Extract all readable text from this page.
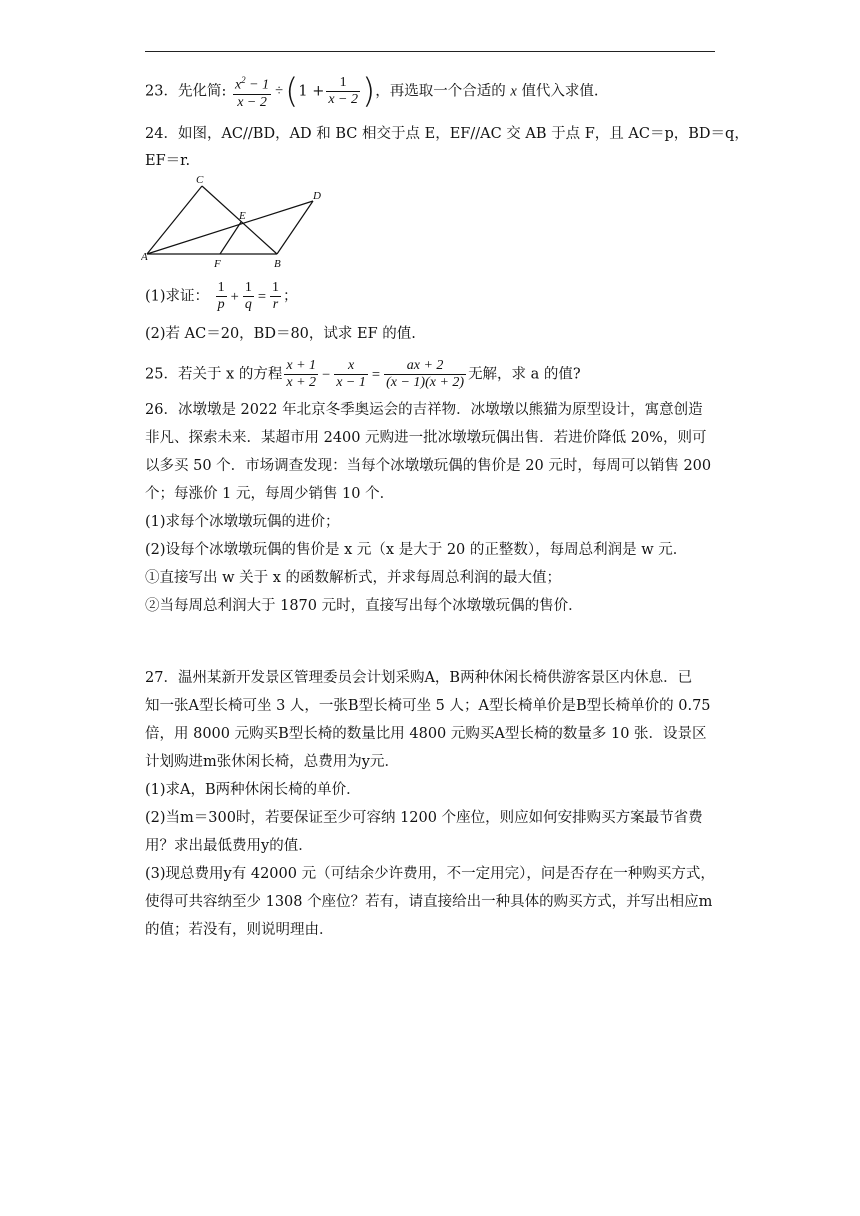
23．先化简: $\frac{x^2 - 1}{x - 2} \div(1 + \frac{1}{x - 2}$ )，再选取一个合适的 x 值代入求值.
24．如图，AC//BD，AD 和 BC 相交于点 E，EF//AC 交 AB 于点 F，且 AC＝p，BD＝q，
EF＝r.
A
C
E
D
F	B
(1)求证： $\frac{1}{p} + \frac{1}{q} = \frac{1}{r}$ ；
(2)若 AC＝20，BD＝80，试求 EF 的值.
25．若关于 x 的方程 $\frac{x + 1}{x + 2} - \frac{x}{x - 1} = \frac{ax + 2}{(x - 1)(x + 2)}$ 无解，求 a 的值?
26．冰墩墩是 2022 年北京冬季奥运会的吉祥物．冰墩墩以熊猫为原型设计，寓意创造
非凡、探索未来．某超市用 2400 元购进一批冰墩墩玩偶出售．若进价降低 20%，则可
以多买 50 个．市场调查发现：当每个冰墩墩玩偶的售价是 20 元时，每周可以销售 200
个；每涨价 1 元，每周少销售 10 个．
(1)求每个冰墩墩玩偶的进价；
(2)设每个冰墩墩玩偶的售价是 x 元（x 是大于 20 的正整数），每周总利润是 w 元．
①直接写出 w 关于 x 的函数解析式，并求每周总利润的最大值；
②当每周总利润大于 1870 元时，直接写出每个冰墩墩玩偶的售价．
27．温州某新开发景区管理委员会计划采购A，B两种休闲长椅供游客景区内休息．已
知一张A型长椅可坐 3 人，一张B型长椅可坐 5 人；A型长椅单价是B型长椅单价的 0.75
倍，用 8000 元购买B型长椅的数量比用 4800 元购买A型长椅的数量多 10 张．设景区
计划购进m张休闲长椅，总费用为y元．
(1)求A，B两种休闲长椅的单价．
(2)当m＝300时，若要保证至少可容纳 1200 个座位，则应如何安排购买方案最节省费
用？求出最低费用y的值．
(3)现总费用y有 42000 元（可结余少许费用，不一定用完），问是否存在一种购买方式，
使得可共容纳至少 1308 个座位？若有，请直接给出一种具体的购买方式，并写出相应m
的值；若没有，则说明理由．
